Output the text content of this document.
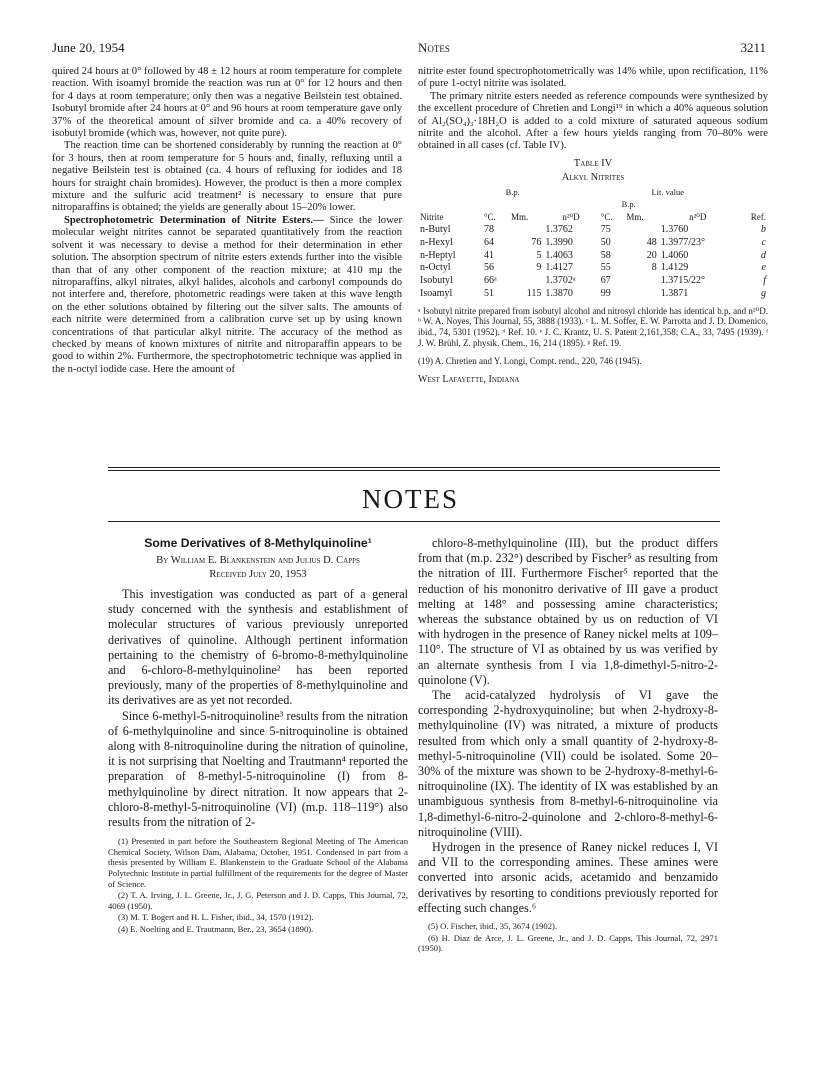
June 20, 1954	Notes	3211

quired 24 hours at 0° followed by 48 ± 12 hours at room temperature for complete reaction. With isoamyl bromide the reaction was run at 0° for 12 hours and then for 4 days at room temperature; only then was a negative Beilstein test obtained. Isobutyl bromide after 24 hours at 0° and 96 hours at room temperature gave only 37% of the theoretical amount of silver bromide and ca. a 40% recovery of isobutyl bromide (which was, however, not quite pure).

The reaction time can be shortened considerably by running the reaction at 0° for 3 hours, then at room temperature for 5 hours and, finally, refluxing until a negative Beilstein test is obtained (ca. 4 hours of refluxing for iodides and 18 hours for straight chain bromides). However, the product is then a more complex mixture and the sulfuric acid treatment² is necessary to ensure that pure nitroparaffins is obtained; the yields are generally about 15–20% lower.

Spectrophotometric Determination of Nitrite Esters.— Since the lower molecular weight nitrites cannot be separated quantitatively from the reaction solvent it was necessary to devise a method for their determination in ether solution. The absorption spectrum of nitrite esters extends further into the visible than that of any other component of the reaction mixture; at 410 mμ the nitroparaffins, alkyl nitrates, alkyl halides, alcohols and carbonyl compounds do not interfere and, therefore, photometric readings were taken at this wave length on the ether solutions obtained by filtering out the silver salts. The amounts of each nitrite were determined from a calibration curve set up by using known concentrations of that particular alkyl nitrite. The accuracy of the method as checked by means of known mixtures of nitrite and nitroparaffin appears to be good to within 2%. Furthermore, the spectrophotometric technique was applied in the n-octyl iodide case. Here the amount of

nitrite ester found spectrophotometrically was 14% while, upon rectification, 11% of pure 1-octyl nitrite was isolated.

The primary nitrite esters needed as reference compounds were synthesized by the excellent procedure of Chretien and Longi¹⁹ in which a 40% aqueous solution of Al₂(SO₄)₃·18H₂O is added to a cold mixture of saturated aqueous sodium nitrite and the alcohol. After a few hours yields ranging from 70–80% were obtained in all cases (cf. Table IV).

Table IV
Alkyl Nitrites
	B.p.			Lit. value			
				B.p.			
Nitrite	°C.	Mm.	n²⁰D	°C.	Mm.	n²⁰D	Ref.
n-Butyl	78		1.3762	75		1.3760	b
n-Hexyl	64	76	1.3990	50	48	1.3977/23°	c
n-Heptyl	41	5	1.4063	58	20	1.4060	d
n-Octyl	56	9	1.4127	55	8	1.4129	e
Isobutyl	66ᵃ		1.3702ᵃ	67		1.3715/22°	f
Isoamyl	51	115	1.3870	99		1.3871	g
ᵃ Isobutyl nitrite prepared from isobutyl alcohol and nitrosyl chloride has identical b.p. and n²⁰D. ᵇ W. A. Noyes, This Journal, 55, 3888 (1933). ᶜ L. M. Soffer, E. W. Parrotta and J. D. Domenico, ibid., 74, 5301 (1952). ᵈ Ref. 10. ᵉ J. C. Krantz, U. S. Patent 2,161,358; C.A., 33, 7495 (1939). ᶠ J. W. Brühl, Z. physik. Chem., 16, 214 (1895). ᵍ Ref. 19.
(19) A. Chretien and Y. Longi, Compt. rend., 220, 746 (1945).
West Lafayette, Indiana
NOTES
Some Derivatives of 8-Methylquinoline¹
By William E. Blankenstein and Julius D. Capps
Received July 20, 1953

This investigation was conducted as part of a general study concerned with the synthesis and establishment of molecular structures of various previously unreported derivatives of quinoline. Although pertinent information pertaining to the chemistry of 6-bromo-8-methylquinoline and 6-chloro-8-methylquinoline² has been reported previously, many of the properties of 8-methylquinoline and its derivatives are as yet not recorded.

Since 6-methyl-5-nitroquinoline³ results from the nitration of 6-methylquinoline and since 5-nitroquinoline is obtained along with 8-nitroquinoline during the nitration of quinoline, it is not surprising that Noelting and Trautmann⁴ reported the preparation of 8-methyl-5-nitroquinoline (I) from 8-methylquinoline by direct nitration. It now appears that 2-chloro-8-methyl-5-nitroquinoline (VI) (m.p. 118–119°) also results from the nitration of 2-

(1) Presented in part before the Southeastern Regional Meeting of The American Chemical Society, Wilson Dam, Alabama, October, 1951. Condensed in part from a thesis presented by William E. Blankenstein to the Graduate School of the Alabama Polytechnic Institute in partial fulfillment of the requirements for the degree of Master of Science.

(2) T. A. Irving, J. L. Greene, Jr., J. G. Peterson and J. D. Capps, This Journal, 72, 4069 (1950).

(3) M. T. Bogert and H. L. Fisher, ibid., 34, 1570 (1912).

(4) E. Noelting and E. Trautmann, Ber., 23, 3654 (1890).

chloro-8-methylquinoline (III), but the product differs from that (m.p. 232°) described by Fischer⁵ as resulting from the nitration of III. Furthermore Fischer⁵ reported that the reduction of his mononitro derivative of III gave a product melting at 148° and possessing amine characteristics; whereas the substance obtained by us on reduction of VI with hydrogen in the presence of Raney nickel melts at 109–110°. The structure of VI as obtained by us was verified by an alternate synthesis from I via 1,8-dimethyl-5-nitro-2-quinolone (V).

The acid-catalyzed hydrolysis of VI gave the corresponding 2-hydroxyquinoline; but when 2-hydroxy-8-methylquinoline (IV) was nitrated, a mixture of products resulted from which only a small quantity of 2-hydroxy-8-methyl-5-nitroquinoline (VII) could be isolated. Some 20–30% of the mixture was shown to be 2-hydroxy-8-methyl-6-nitroquinoline (IX). The identity of IX was established by an unambiguous synthesis from 8-methyl-6-nitroquinoline via 1,8-dimethyl-6-nitro-2-quinolone and 2-chloro-8-methyl-6-nitroquinoline (VIII).

Hydrogen in the presence of Raney nickel reduces I, VI and VII to the corresponding amines. These amines were converted into arsonic acids, acetamido and benzamido derivatives by resorting to conditions previously reported for effecting such changes.⁶

(5) O. Fischer, ibid., 35, 3674 (1902).

(6) H. Diaz de Arce, J. L. Greene, Jr., and J. D. Capps, This Journal, 72, 2971 (1950).
